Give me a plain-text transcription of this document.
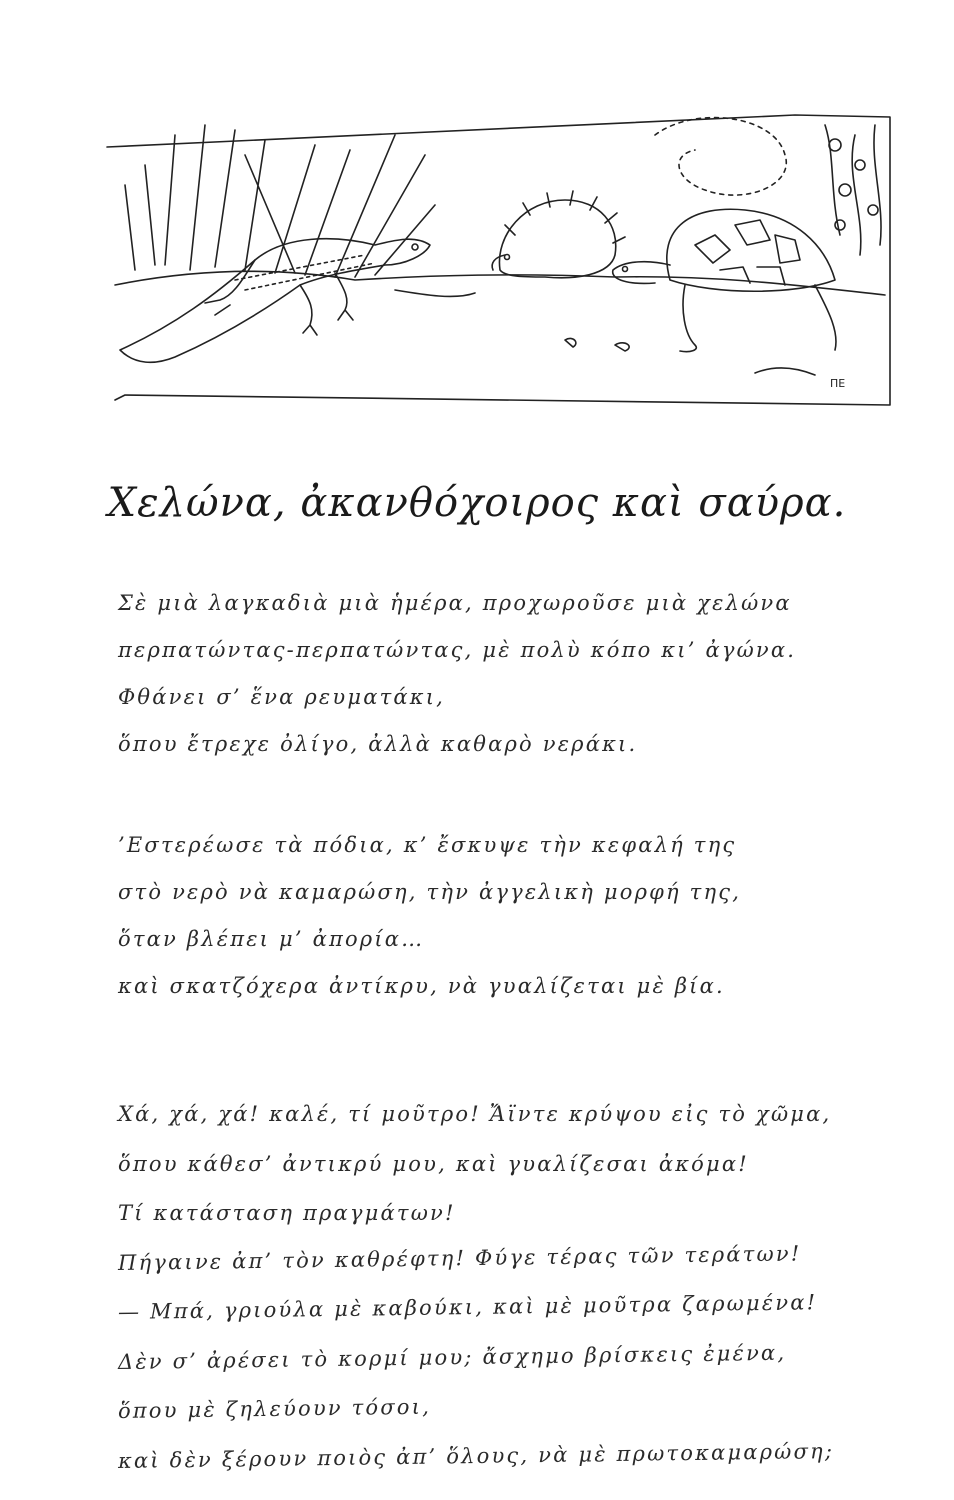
ΠΕ
Χελώνα, ἀκανθόχοιρος καὶ σαύρα.
Σὲ μιὰ λαγκαδιὰ μιὰ ἡμέρα, προχωροῦσε μιὰ χελώνα
περπατώντας-περπατώντας, μὲ πολὺ κόπο κι’ ἀγώνα.
Φθάνει σ’ ἕνα ρευματάκι,
ὅπου ἔτρεχε ὀλίγο, ἀλλὰ καθαρὸ νεράκι.
’Εστερέωσε τὰ πόδια, κ’ ἔσκυψε τὴν κεφαλή της
στὸ νερὸ νὰ καμαρώση, τὴν ἀγγελικὴ μορφή της,
ὅταν βλέπει μ’ ἀπορία…
καὶ σκατζόχερα ἀντίκρυ, νὰ γυαλίζεται μὲ βία.
Χά, χά, χά! καλέ, τί μοῦτρο! Ἄϊντε κρύψου εἰς τὸ χῶμα,
ὅπου κάθεσ’ ἀντικρύ μου, καὶ γυαλίζεσαι ἀκόμα!
Τί κατάσταση πραγμάτων!
Πήγαινε ἀπ’ τὸν καθρέφτη! Φύγε τέρας τῶν τεράτων!
— Μπά, γριούλα μὲ καβούκι, καὶ μὲ μοῦτρα ζαρωμένα!
Δὲν σ’ ἀρέσει τὸ κορμί μου; ἄσχημο βρίσκεις ἐμένα,
ὅπου μὲ ζηλεύουν τόσοι,
καὶ δὲν ξέρουν ποιὸς ἀπ’ ὅλους, νὰ μὲ πρωτοκαμαρώση;
